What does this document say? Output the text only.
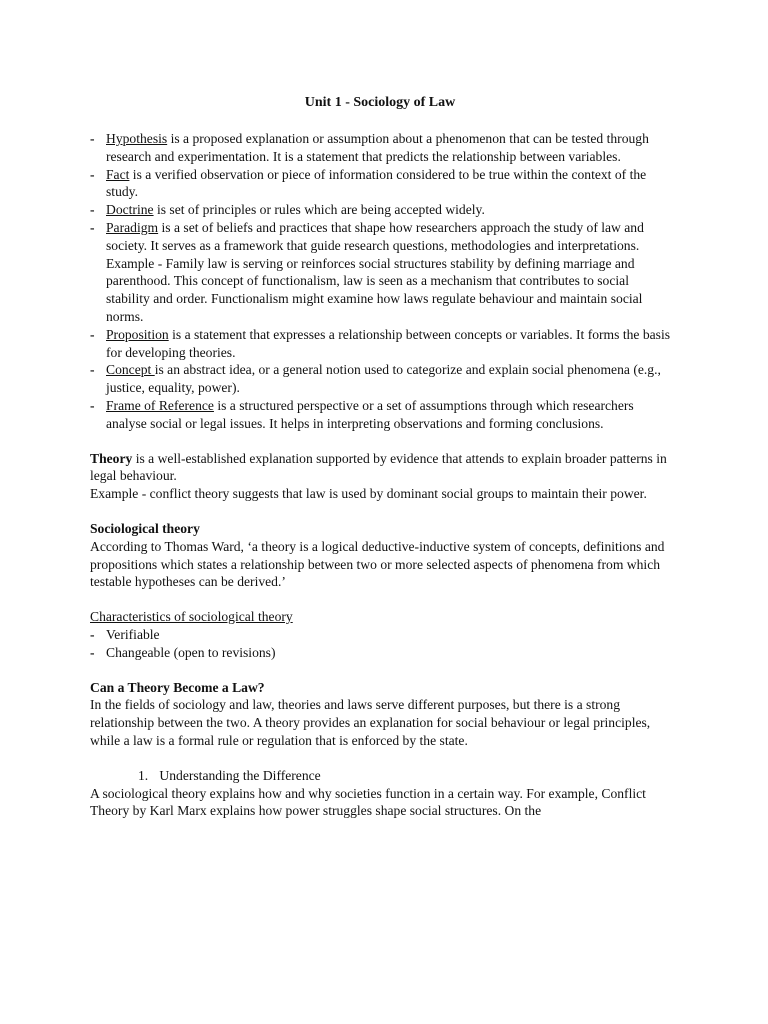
Unit 1 - Sociology of Law
- Hypothesis is a proposed explanation or assumption about a phenomenon that can be tested through research and experimentation. It is a statement that predicts the relationship between variables.
- Fact is a verified observation or piece of information considered to be true within the context of the study.
- Doctrine is set of principles or rules which are being accepted widely.
- Paradigm is a set of beliefs and practices that shape how researchers approach the study of law and society. It serves as a framework that guide research questions, methodologies and interpretations.
Example - Family law is serving or reinforces social structures stability by defining marriage and parenthood. This concept of functionalism, law is seen as a mechanism that contributes to social stability and order. Functionalism might examine how laws regulate behaviour and maintain social norms.
- Proposition is a statement that expresses a relationship between concepts or variables. It forms the basis for developing theories.
- Concept is an abstract idea, or a general notion used to categorize and explain social phenomena (e.g., justice, equality, power).
- Frame of Reference is a structured perspective or a set of assumptions through which researchers analyse social or legal issues. It helps in interpreting observations and forming conclusions.

Theory is a well-established explanation supported by evidence that attends to explain broader patterns in legal behaviour.

Example - conflict theory suggests that law is used by dominant social groups to maintain their power.

Sociological theory

According to Thomas Ward, ‘a theory is a logical deductive-inductive system of concepts, definitions and propositions which states a relationship between two or more selected aspects of phenomena from which testable hypotheses can be derived.’

Characteristics of sociological theory

- Verifiable
- Changeable (open to revisions)

Can a Theory Become a Law?

In the fields of sociology and law, theories and laws serve different purposes, but there is a strong relationship between the two. A theory provides an explanation for social behaviour or legal principles, while a law is a formal rule or regulation that is enforced by the state.

1. Understanding the Difference

A sociological theory explains how and why societies function in a certain way. For example, Conflict Theory by Karl Marx explains how power struggles shape social structures. On the
